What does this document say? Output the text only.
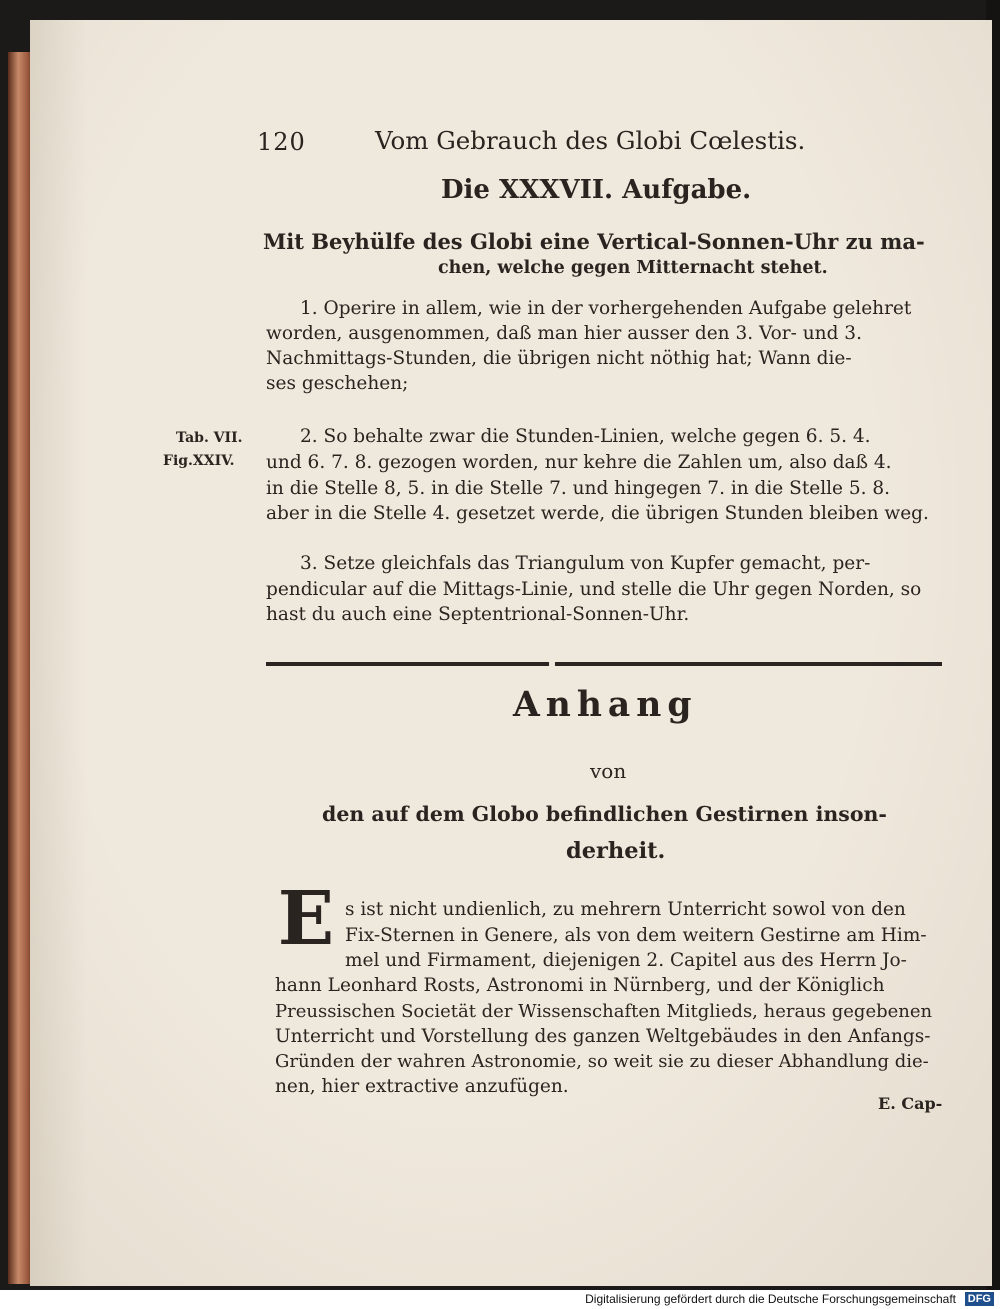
120	Vom Gebrauch des Globi Cœlestis.
Die XXXVII. Aufgabe.
Mit Beyhülfe des Globi eine Vertical-Sonnen-Uhr zu ma-
chen, welche gegen Mitternacht stehet.
1. Operire in allem, wie in der vorhergehenden Aufgabe gelehret
worden, ausgenommen, daß man hier ausser den 3. Vor- und 3.
Nachmittags-Stunden, die übrigen nicht nöthig hat; Wann die-
ses geschehen;
Tab. VII.
Fig.XXIV.
2. So behalte zwar die Stunden-Linien, welche gegen 6. 5. 4.
und 6. 7. 8. gezogen worden, nur kehre die Zahlen um, also daß 4.
in die Stelle 8, 5. in die Stelle 7. und hingegen 7. in die Stelle 5. 8.
aber in die Stelle 4. gesetzet werde, die übrigen Stunden bleiben weg.
3. Setze gleichfals das Triangulum von Kupfer gemacht, per-
pendicular auf die Mittags-Linie, und stelle die Uhr gegen Norden, so
hast du auch eine Septentrional-Sonnen-Uhr.
Anhang
von
den auf dem Globo befindlichen Gestirnen inson-
derheit.
E s ist nicht undienlich, zu mehrern Unterricht sowol von den
Fix-Sternen in Genere, als von dem weitern Gestirne am Him-
mel und Firmament, diejenigen 2. Capitel aus des Herrn Jo-
hann Leonhard Rosts, Astronomi in Nürnberg, und der Königlich
Preussischen Societät der Wissenschaften Mitglieds, heraus gegebenen
Unterricht und Vorstellung des ganzen Weltgebäudes in den Anfangs-
Gründen der wahren Astronomie, so weit sie zu dieser Abhandlung die-
nen, hier extractive anzufügen.
E. Cap-
Digitalisierung gefördert durch die Deutsche Forschungsgemeinschaft DFG
